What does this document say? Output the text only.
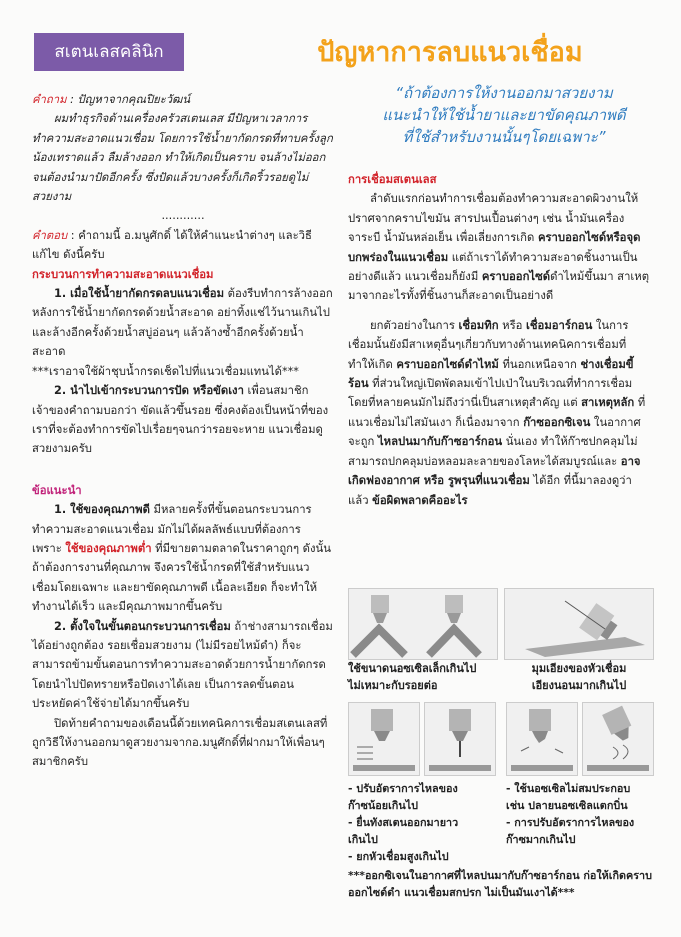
สเตนเลสคลินิก	ปัญหาการลบแนวเชื่อม
“ถ้าต้องการให้งานออกมาสวยงาม
แนะนำให้ใช้น้ำยาและยาขัดคุณภาพดี
ที่ใช้สำหรับงานนั้นๆโดยเฉพาะ”

คำถาม : ปัญหาจากคุณปิยะวัฒน์

ผมทำธุรกิจด้านเครื่องครัวสเตนเลส มีปัญหาเวลาการทำความสะอาดแนวเชื่อม โดยการใช้น้ำยากัดกรดที่ทาบครั้งลูกน้องเทราดแล้ว ลืมล้างออก ทำให้เกิดเป็นคราบ จนล้างไม่ออก จนต้องนำมาปัดอีกครั้ง ซึ่งปัดแล้วบางครั้งก็เกิดริ้วรอยดูไม่สวยงาม

............

คำตอบ : คำถามนี้ อ.มนูศักดิ์ ได้ให้คำแนะนำต่างๆ และวิธีแก้ไข ดังนี้ครับ

กระบวนการทำความสะอาดแนวเชื่อม

1. เมื่อใช้น้ำยากัดกรดลบแนวเชื่อม ต้องรีบทำการล้างออกหลังการใช้น้ำยากัดกรดด้วยน้ำสะอาด อย่าทิ้งแช่ไว้นานเกินไป และล้างอีกครั้งด้วยน้ำสบู่อ่อนๆ แล้วล้างซ้ำอีกครั้งด้วยน้ำสะอาด

***เราอาจใช้ผ้าชุบน้ำกรดเช็ดไปที่แนวเชื่อมแทนได้***

2. นำไปเข้ากระบวนการปัด หรือขัดเงา เพื่อนสมาชิกเจ้าของคำถามบอกว่า ขัดแล้วขึ้นรอย ซึ่งคงต้องเป็นหน้าที่ของเราที่จะต้องทำการขัดไปเรื่อยๆจนกว่ารอยจะหาย แนวเชื่อมดูสวยงามครับ

ข้อแนะนำ

1. ใช้ของคุณภาพดี มีหลายครั้งที่ขั้นตอนกระบวนการทำความสะอาดแนวเชื่อม มักไม่ได้ผลลัพธ์แบบที่ต้องการ เพราะ ใช้ของคุณภาพต่ำ ที่มีขายตามตลาดในราคาถูกๆ ดังนั้นถ้าต้องการงานที่คุณภาพ จึงควรใช้น้ำกรดที่ใช้สำหรับแนวเชื่อมโดยเฉพาะ และยาขัดคุณภาพดี เนื้อละเอียด ก็จะทำให้ทำงานได้เร็ว และมีคุณภาพมากขึ้นครับ

2. ตั้งใจในขั้นตอนกระบวนการเชื่อม ถ้าช่างสามารถเชื่อมได้อย่างถูกต้อง รอยเชื่อมสวยงาม (ไม่มีรอยไหม้ดำ) ก็จะสามารถข้ามขั้นตอนการทำความสะอาดด้วยการน้ำยากัดกรด โดยนำไปปัดทรายหรือปัดเงาได้เลย เป็นการลดขั้นตอน ประหยัดค่าใช้จ่ายได้มากขึ้นครับ

ปิดท้ายคำถามของเดือนนี้ด้วยเทคนิคการเชื่อมสเตนเลสที่ถูกวิธีให้งานออกมาดูสวยงามจากอ.มนูศักดิ์ที่ฝากมาให้เพื่อนๆสมาชิกครับ

การเชื่อมสเตนเลส

ลำดับแรกก่อนทำการเชื่อมต้องทำความสะอาดผิวงานให้ปราศจากคราบไขมัน สารปนเปื้อนต่างๆ เช่น น้ำมันเครื่องจาระบี น้ำมันหล่อเย็น เพื่อเลี่ยงการเกิด คราบออกไซด์หรือจุดบกพร่องในแนวเชื่อม แต่ถ้าเราได้ทำความสะอาดชิ้นงานเป็นอย่างดีแล้ว แนวเชื่อมก็ยังมี คราบออกไซด์ดำไหม้ขึ้นมา สาเหตุมาจากอะไรทั้งที่ชิ้นงานก็สะอาดเป็นอย่างดี

ยกตัวอย่างในการ เชื่อมทิก หรือ เชื่อมอาร์กอน ในการเชื่อมนั้นยังมีสาเหตุอื่นๆเกี่ยวกับทางด้านเทคนิคการเชื่อมที่ทำให้เกิด คราบออกไซด์ดำไหม้ ที่นอกเหนือจาก ช่างเชื่อมขี้ร้อน ที่ส่วนใหญ่เปิดพัดลมเข้าไปเป่าในบริเวณที่ทำการเชื่อมโดยที่หลายคนมักไม่ถึงว่านี่เป็นสาเหตุสำคัญ แต่ สาเหตุหลัก ที่แนวเชื่อมไม่ไสมันเงา ก็เนื่องมาจาก ก๊าซออกซิเจน ในอากาศจะถูก ไหลปนมากับก๊าซอาร์กอน นั่นเอง ทำให้ก๊าซปกคลุมไม่สามารถปกคลุมบ่อหลอมละลายของโลหะได้สมบูรณ์และ อาจเกิดฟองอากาศ หรือ รูพรุนที่แนวเชื่อม ได้อีก ที่นี้มาลองดูว่าแล้ว ข้อผิดพลาดคืออะไร

ใช้ขนาดนอซเซิลเล็กเกินไป
ไม่เหมาะกับรอยต่อ
มุมเอียงของหัวเชื่อม
เอียงนอนมากเกินไป
- ปรับอัตราการไหลของ
ก๊าซน้อยเกินไป
- ยื่นทังสเตนออกมายาว
เกินไป
- ยกหัวเชื่อมสูงเกินไป
- ใช้นอซเซิลไม่สมประกอบ
เช่น ปลายนอซเซิลแตกบิ่น
- การปรับอัตราการไหลของ
ก๊าซมากเกินไป
***ออกซิเจนในอากาศที่ไหลปนมากับก๊าซอาร์กอน ก่อให้เกิดคราบออกไซด์ดำ แนวเชื่อมสกปรก ไม่เป็นมันเงาได้***
